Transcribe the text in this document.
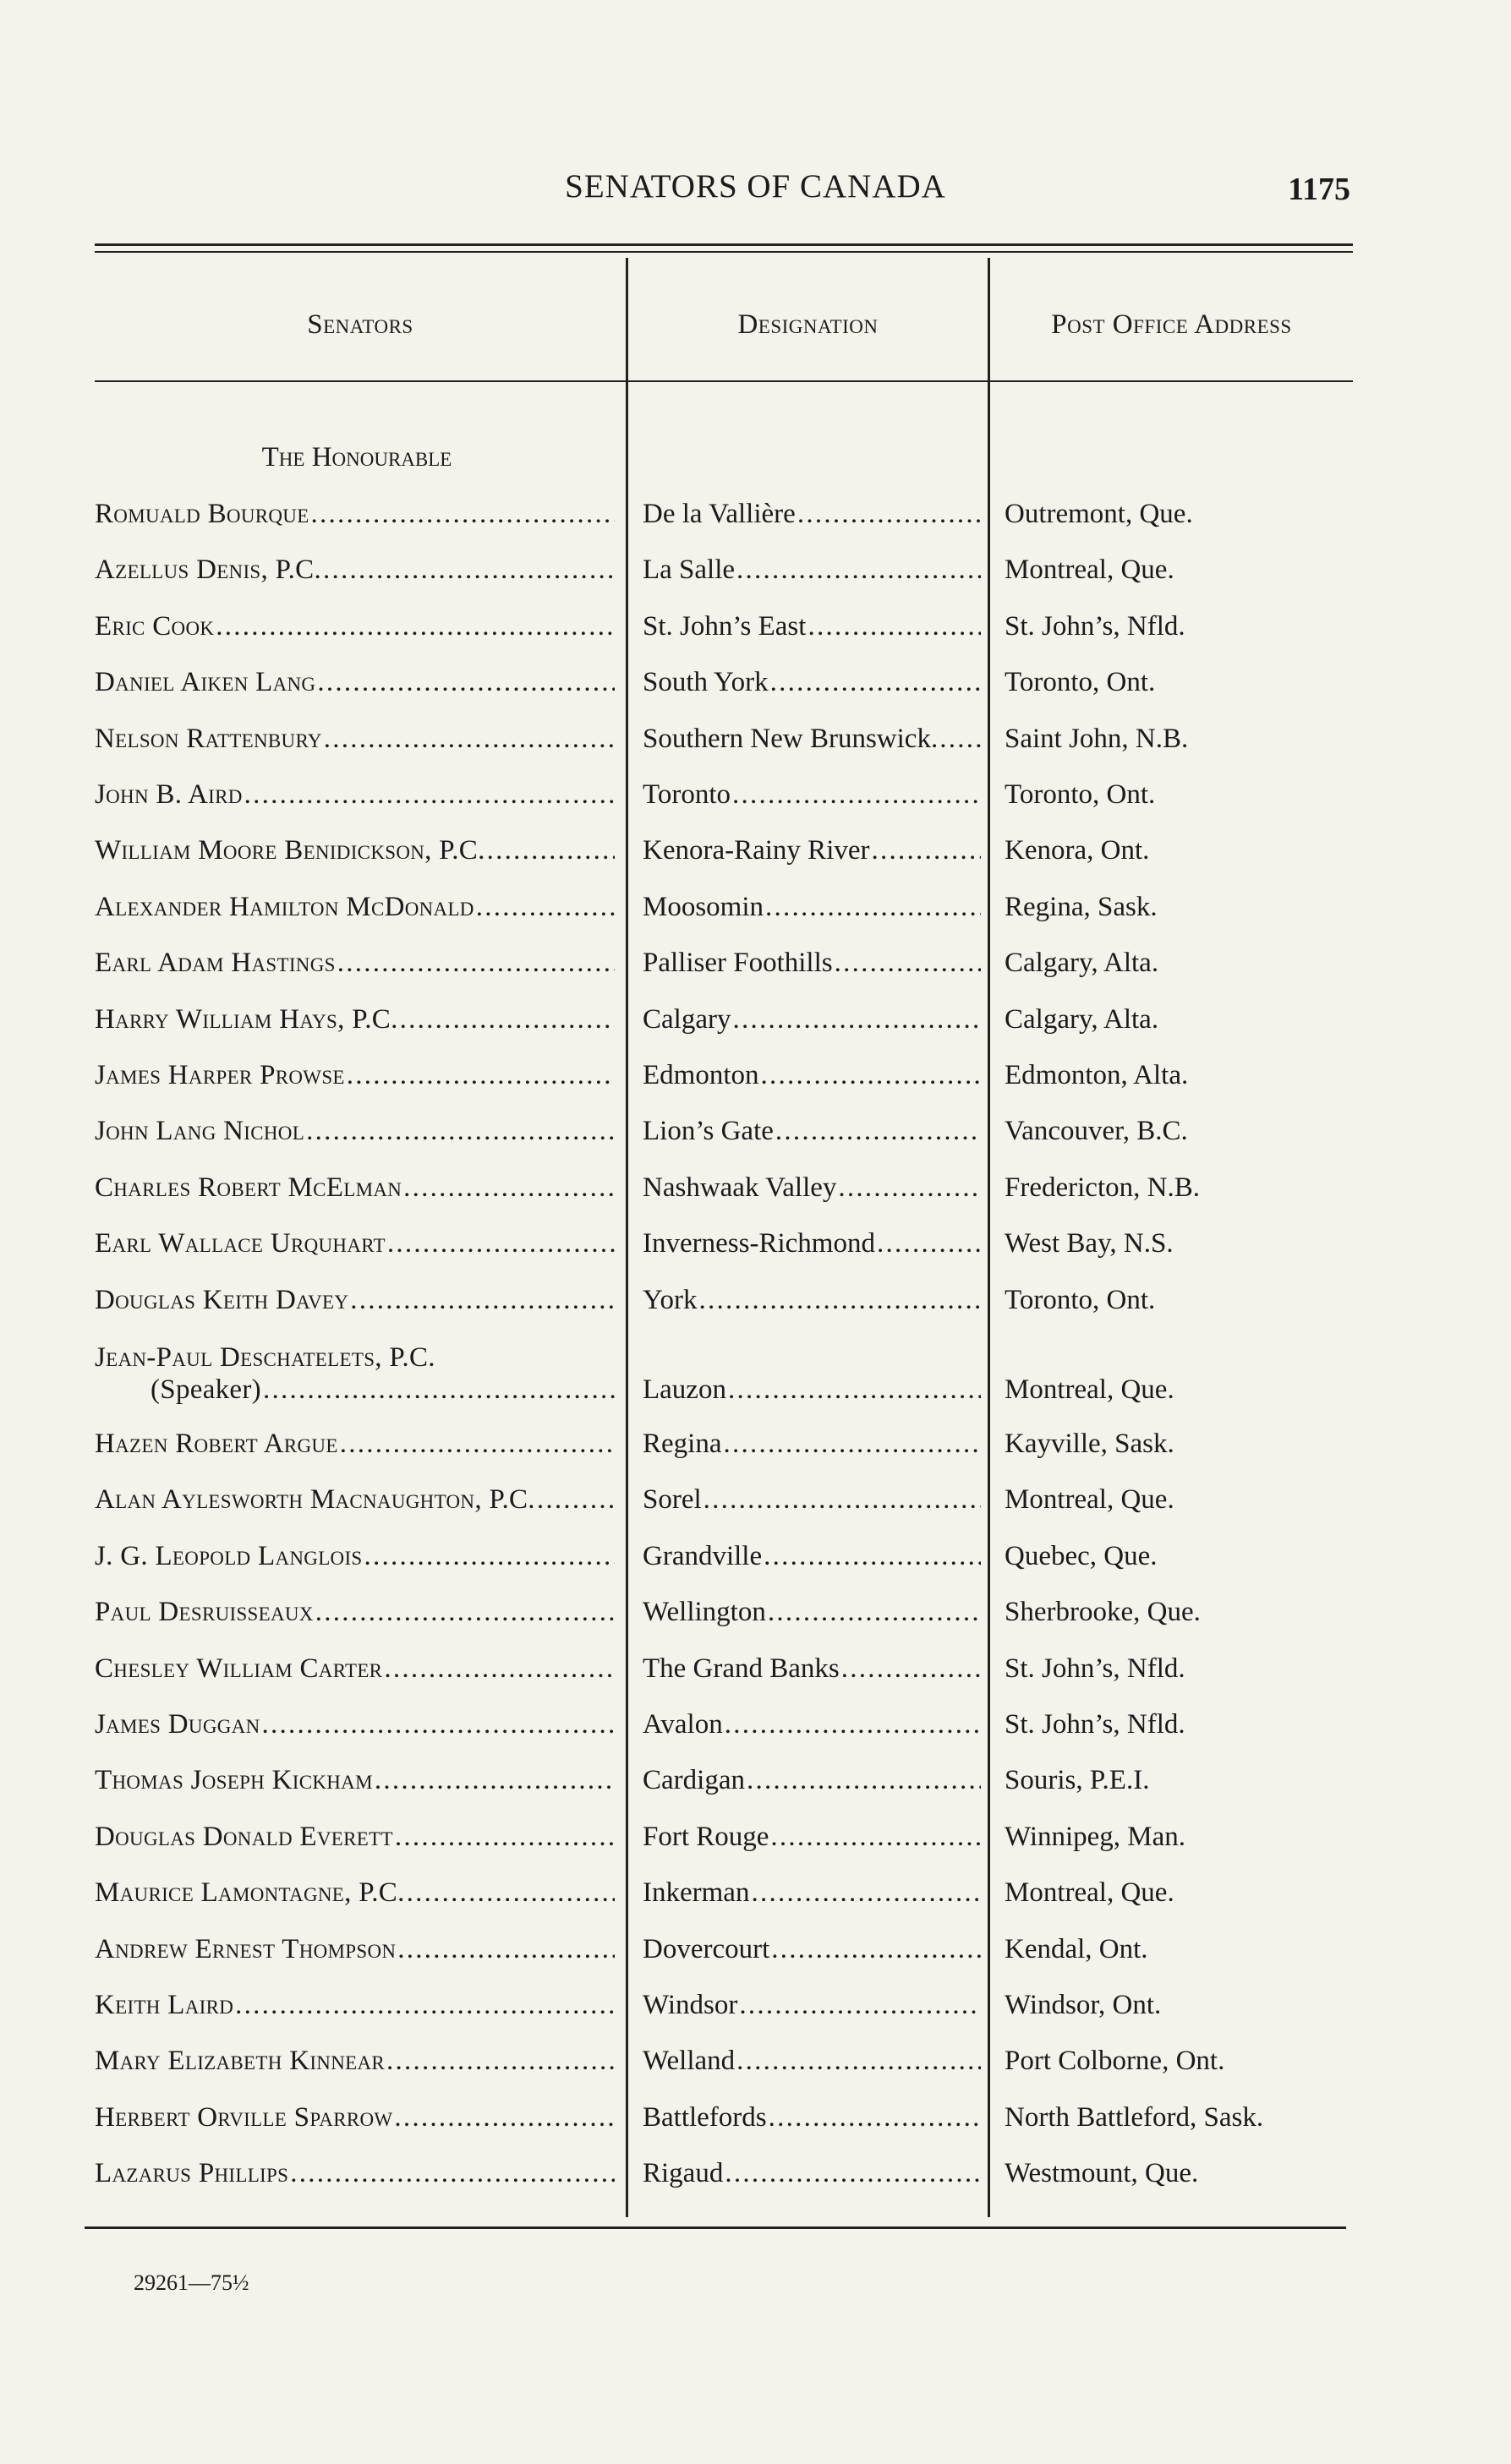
SENATORS OF CANADA	1175
Senators	Designation	Post Office Address
The Honourable
Romuald Bourque . . .	De la Vallière . . .	Outremont, Que.
Azellus Denis, P.C. . . .	La Salle . . .	Montreal, Que.
Eric Cook . . .	St. John’s East . . .	St. John’s, Nfld.
Daniel Aiken Lang . . .	South York . . .	Toronto, Ont.
Nelson Rattenbury . . .	Southern New Brunswick. . . . Saint John, N.B.
John B. Aird . . .	Toronto . . .	Toronto, Ont.
William Moore Benidickson, P.C. . . .	Kenora-Rainy River . . .	Kenora, Ont.
Alexander Hamilton McDonald . . .	Moosomin . . .	Regina, Sask.
Earl Adam Hastings . . .	Palliser Foothills . . .	Calgary, Alta.
Harry William Hays, P.C. . . .	Calgary . . .	Calgary, Alta.
James Harper Prowse . . .	Edmonton . . .	Edmonton, Alta.
John Lang Nichol . . .	Lion’s Gate . . .	Vancouver, B.C.
Charles Robert McElman . . .	Nashwaak Valley . . .	Fredericton, N.B.
Earl Wallace Urquhart . . .	Inverness-Richmond . . .	West Bay, N.S.
Douglas Keith Davey . . .	York . . .	Toronto, Ont.
Jean-Paul Deschatelets, P.C.
(Speaker) . . .	Lauzon . . .	Montreal, Que.
Hazen Robert Argue . . .	Regina . . .	Kayville, Sask.
Alan Aylesworth Macnaughton, P.C. . . .	Sorel . . .	Montreal, Que.
J. G. Leopold Langlois . . .	Grandville . . .	Quebec, Que.
Paul Desruisseaux . . .	Wellington . . .	Sherbrooke, Que.
Chesley William Carter . . .	The Grand Banks . . .	St. John’s, Nfld.
James Duggan . . .	Avalon . . .	St. John’s, Nfld.
Thomas Joseph Kickham . . .	Cardigan . . .	Souris, P.E.I.
Douglas Donald Everett . . .	Fort Rouge . . .	Winnipeg, Man.
Maurice Lamontagne, P.C. . . .	Inkerman . . .	Montreal, Que.
Andrew Ernest Thompson . . .	Dovercourt . . .	Kendal, Ont.
Keith Laird . . .	Windsor . . .	Windsor, Ont.
Mary Elizabeth Kinnear . . .	Welland . . .	Port Colborne, Ont.
Herbert Orville Sparrow . . .	Battlefords . . .	North Battleford, Sask.
Lazarus Phillips . . .	Rigaud . . .	Westmount, Que.
29261—75½
